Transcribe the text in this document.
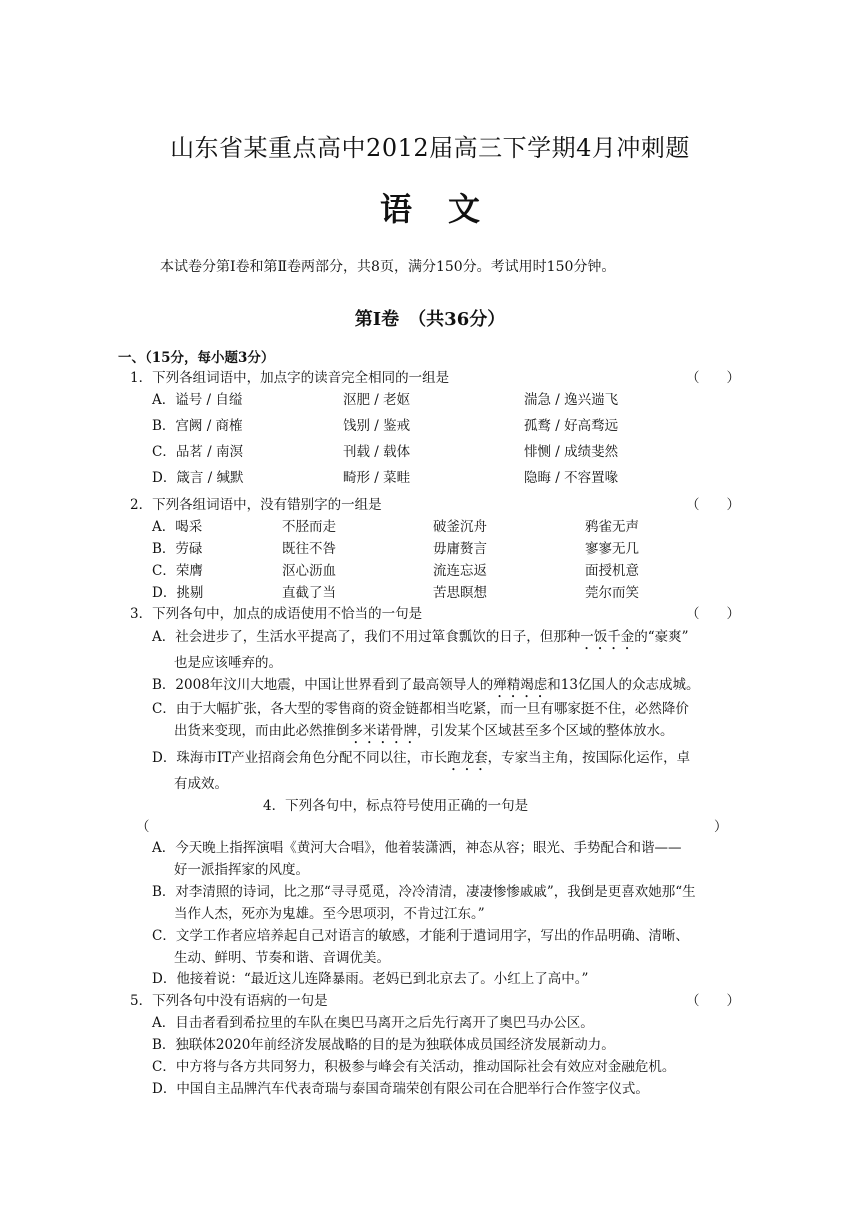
山东省某重点高中2012届高三下学期4月冲刺题
语文
本试卷分第Ⅰ卷和第Ⅱ卷两部分，共8页，满分150分。考试用时150分钟。
第Ⅰ卷　（共36分）
一、（15分，每小题3分）
1．下列各组词语中，加点字的读音完全相同的一组是	（　　）
A．谥号 / 自缢	沤肥 / 老妪	湍急 / 逸兴遄飞
B．宫阙 / 商榷	饯别 / 鉴戒	孤鹜 / 好高骛远
C．品茗 / 南溟	刊载 / 载体	悱恻 / 成绩斐然
D．箴言 / 缄默	畸形 / 菜畦	隐晦 / 不容置喙
2．下列各组词语中，没有错别字的一组是	（　　）
A．喝采	不胫而走	破釜沉舟	鸦雀无声
B．劳碌	既往不咎	毋庸赘言	寥寥无几
C．荣膺	沤心沥血	流连忘返	面授机意
D．挑剔	直截了当	苦思瞑想	莞尔而笑
3．下列各句中，加点的成语使用不恰当的一句是	（　　）
A．社会进步了，生活水平提高了，我们不用过箪食瓢饮的日子，但那种一饭千金的“豪爽”
也是应该唾弃的。
B．2008年汶川大地震，中国让世界看到了最高领导人的殚精竭虑和13亿国人的众志成城。
C．由于大幅扩张，各大型的零售商的资金链都相当吃紧，而一旦有哪家挺不住，必然降价
出货来变现，而由此必然推倒多米诺骨牌，引发某个区域甚至多个区域的整体放水。
D．珠海市IT产业招商会角色分配不同以往，市长跑龙套，专家当主角，按国际化运作，卓
有成效。
4．下列各句中，标点符号使用正确的一句是
（	）
A．今天晚上指挥演唱《黄河大合唱》，他着装潇洒，神态从容；眼光、手势配合和谐——
好一派指挥家的风度。
B．对李清照的诗词，比之那“寻寻觅觅，冷冷清清，凄凄惨惨戚戚”，我倒是更喜欢她那“生
当作人杰，死亦为鬼雄。至今思项羽，不肯过江东。”
C．文学工作者应培养起自己对语言的敏感，才能利于遣词用字，写出的作品明确、清晰、
生动、鲜明、节奏和谐、音调优美。
D．他接着说：“最近这儿连降暴雨。老妈已到北京去了。小红上了高中。”
5．下列各句中没有语病的一句是	（　　）
A．目击者看到希拉里的车队在奥巴马离开之后先行离开了奥巴马办公区。
B．独联体2020年前经济发展战略的目的是为独联体成员国经济发展新动力。
C．中方将与各方共同努力，积极参与峰会有关活动，推动国际社会有效应对金融危机。
D．中国自主品牌汽车代表奇瑞与泰国奇瑞荣创有限公司在合肥举行合作签字仪式。
